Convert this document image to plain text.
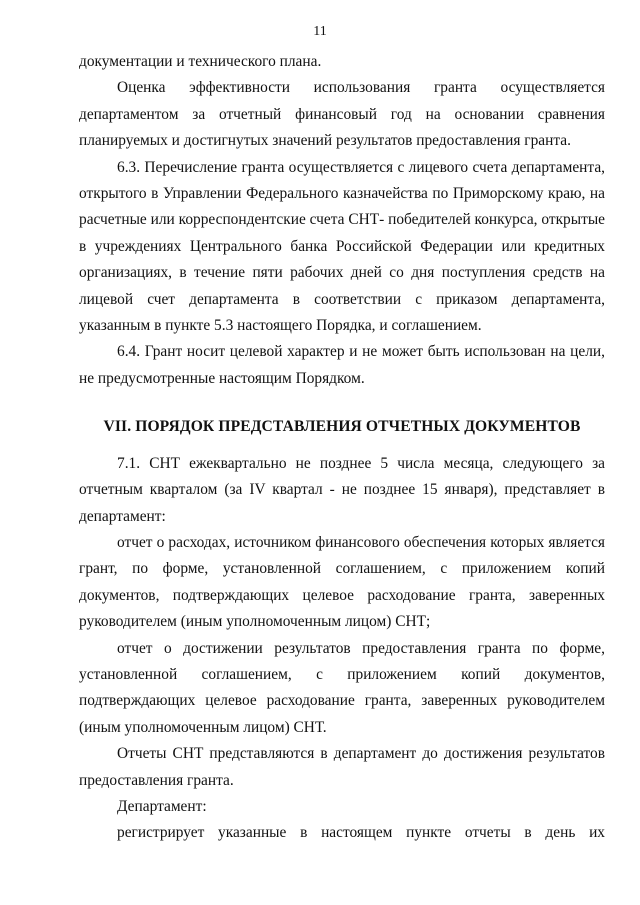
11

документации и технического плана.

Оценка эффективности использования гранта осуществляется департаментом за отчетный финансовый год на основании сравнения планируемых и достигнутых значений результатов предоставления гранта.

6.3. Перечисление гранта осуществляется с лицевого счета департамента, открытого в Управлении Федерального казначейства по Приморскому краю, на расчетные или корреспондентские счета СНТ- победителей конкурса, открытые в учреждениях Центрального банка Российской Федерации или кредитных организациях, в течение пяти рабочих дней со дня поступления средств на лицевой счет департамента в соответствии с приказом департамента, указанным в пункте 5.3 настоящего Порядка, и соглашением.

6.4. Грант носит целевой характер и не может быть использован на цели, не предусмотренные настоящим Порядком.

VII. ПОРЯДОК ПРЕДСТАВЛЕНИЯ ОТЧЕТНЫХ ДОКУМЕНТОВ

7.1. СНТ ежеквартально не позднее 5 числа месяца, следующего за отчетным кварталом (за IV квартал - не позднее 15 января), представляет в департамент:

отчет о расходах, источником финансового обеспечения которых является грант, по форме, установленной соглашением, с приложением копий документов, подтверждающих целевое расходование гранта, заверенных руководителем (иным уполномоченным лицом) СНТ;

отчет о достижении результатов предоставления гранта по форме, установленной соглашением, с приложением копий документов, подтверждающих целевое расходование гранта, заверенных руководителем (иным уполномоченным лицом) СНТ.

Отчеты СНТ представляются в департамент до достижения результатов предоставления гранта.

Департамент:

регистрирует указанные в настоящем пункте отчеты в день их
